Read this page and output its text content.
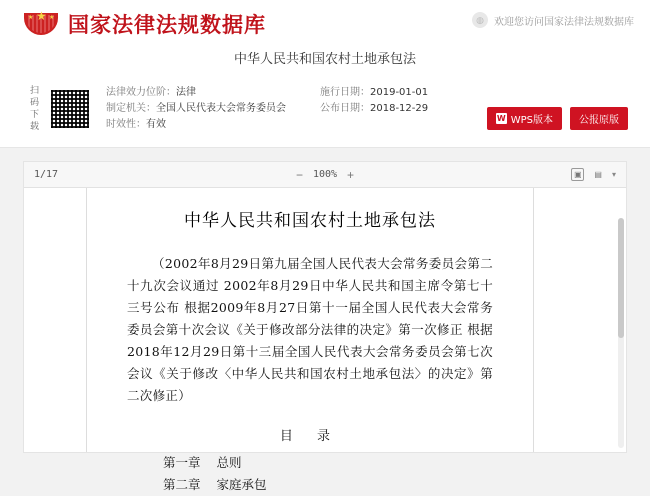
★
★	★ 国家法律法规数据库	◍	欢迎您访问国家法律法规数据库
中华人民共和国农村土地承包法
扫码
下载
法律效力位阶：法律
制定机关：全国人民代表大会常务委员会
时效性：有效
施行日期：2019-01-01
公布日期：2018-12-29
W WPS版本	公报原版
1/17	− 100% +	▣	▤ ▾
中华人民共和国农村土地承包法
（2002年8月29日第九届全国人民代表大会常务委员会第二十九次会议通过 2002年8月29日中华人民共和国主席令第七十三号公布 根据2009年8月27日第十一届全国人民代表大会常务委员会第十次会议《关于修改部分法律的决定》第一次修正 根据2018年12月29日第十三届全国人民代表大会常务委员会第七次会议《关于修改〈中华人民共和国农村土地承包法〉的决定》第二次修正）
目 录
第一章 总则
第二章 家庭承包
